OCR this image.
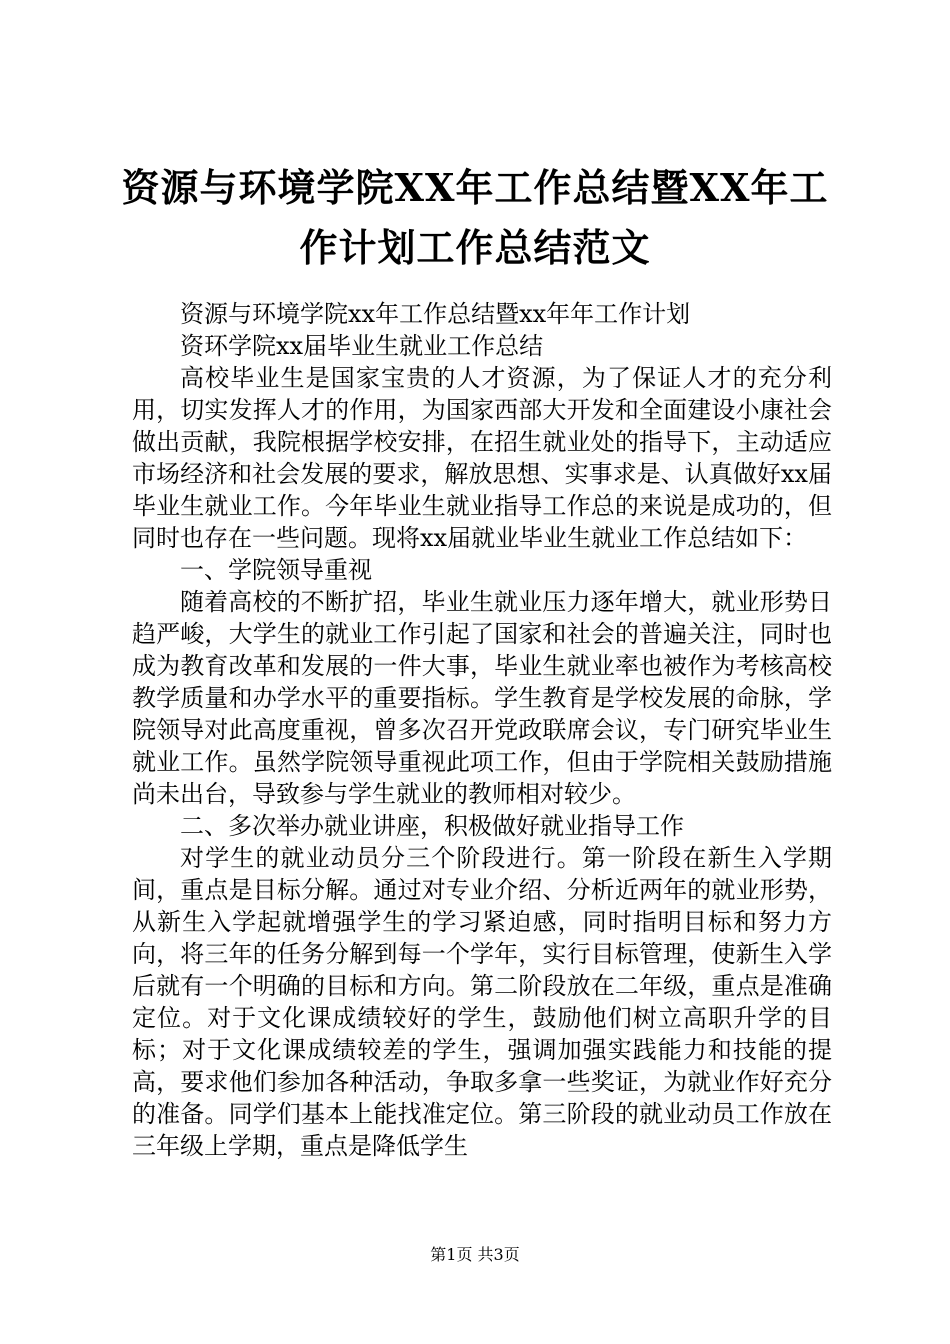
资源与环境学院XX年工作总结暨XX年工作计划工作总结范文

资源与环境学院xx年工作总结暨xx年年工作计划

资环学院xx届毕业生就业工作总结

高校毕业生是国家宝贵的人才资源，为了保证人才的充分利用，切实发挥人才的作用，为国家西部大开发和全面建设小康社会做出贡献，我院根据学校安排，在招生就业处的指导下，主动适应市场经济和社会发展的要求，解放思想、实事求是、认真做好xx届毕业生就业工作。今年毕业生就业指导工作总的来说是成功的，但同时也存在一些问题。现将xx届就业毕业生就业工作总结如下：

一、学院领导重视

随着高校的不断扩招，毕业生就业压力逐年增大，就业形势日趋严峻，大学生的就业工作引起了国家和社会的普遍关注，同时也成为教育改革和发展的一件大事，毕业生就业率也被作为考核高校教学质量和办学水平的重要指标。学生教育是学校发展的命脉，学院领导对此高度重视，曾多次召开党政联席会议，专门研究毕业生就业工作。虽然学院领导重视此项工作，但由于学院相关鼓励措施尚未出台，导致参与学生就业的教师相对较少。

二、多次举办就业讲座，积极做好就业指导工作

对学生的就业动员分三个阶段进行。第一阶段在新生入学期间，重点是目标分解。通过对专业介绍、分析近两年的就业形势，从新生入学起就增强学生的学习紧迫感，同时指明目标和努力方向，将三年的任务分解到每一个学年，实行目标管理，使新生入学后就有一个明确的目标和方向。第二阶段放在二年级，重点是准确定位。对于文化课成绩较好的学生，鼓励他们树立高职升学的目标；对于文化课成绩较差的学生，强调加强实践能力和技能的提高，要求他们参加各种活动，争取多拿一些奖证，为就业作好充分的准备。同学们基本上能找准定位。第三阶段的就业动员工作放在三年级上学期，重点是降低学生

第1页 共3页
